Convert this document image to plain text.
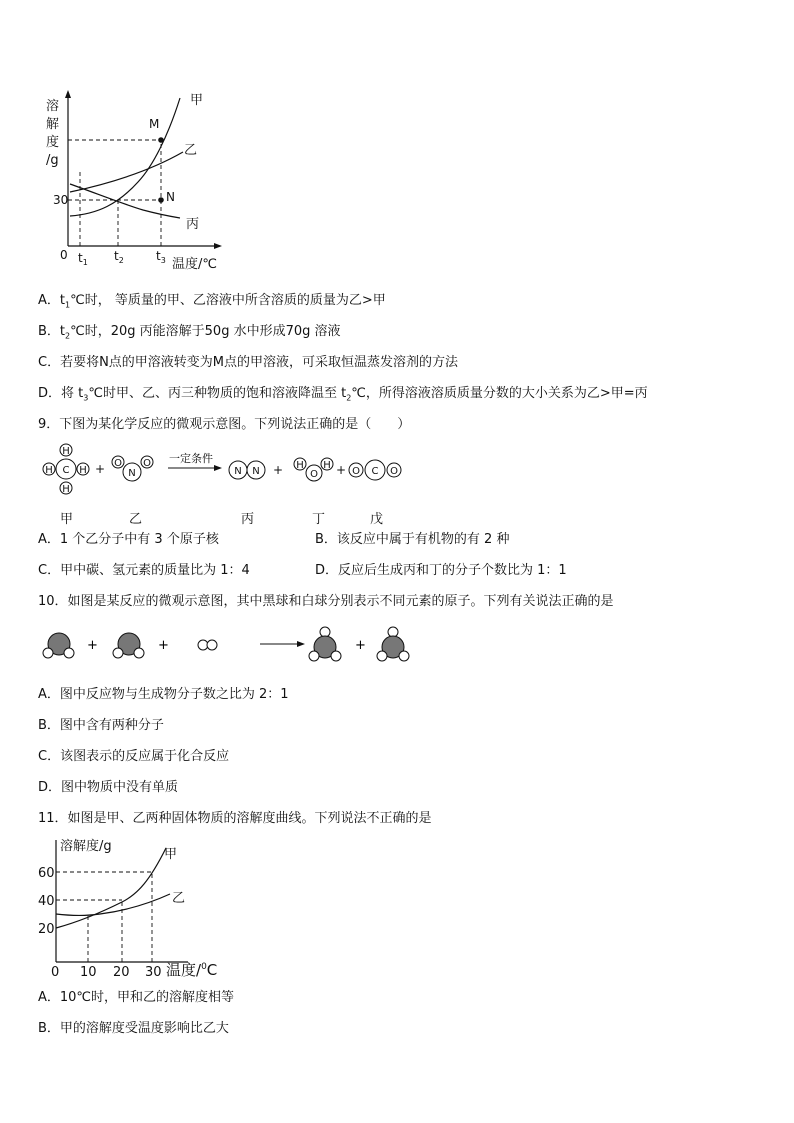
溶
解
度
/g
30
0 $t_1$ $t_2$	$t_3$ 温度/℃
甲
乙
丙
M
N
A．$t_1℃$时， 等质量的甲、乙溶液中所含溶质的质量为乙>甲
B．$t_2℃$时，20g 丙能溶解于50g 水中形成70g 溶液
C．若要将N点的甲溶液转变为M点的甲溶液，可采取恒温蒸发溶剂的方法
D．将 $t_3℃$时甲、乙、丙三种物质的饱和溶液降温至 $t_2℃$，所得溶液溶质质量分数的大小关系为乙>甲=丙
9．下图为某化学反应的微观示意图。下列说法正确的是（　　）
H
H C H
H
+ O
N
O 一定条件
N N + H
O
H + O C O
甲	乙	丙	丁	戊
A．1 个乙分子中有 3 个原子核	B．该反应中属于有机物的有 2 种
C．甲中碳、氢元素的质量比为 1：4	D．反应后生成丙和丁的分子个数比为 1：1
10．如图是某反应的微观示意图，其中黑球和白球分别表示不同元素的原子。下列有关说法正确的是
+	+	+
A．图中反应物与生成物分子数之比为 2：1
B．图中含有两种分子
C．该图表示的反应属于化合反应
D．图中物质中没有单质
11．如图是甲、乙两种固体物质的溶解度曲线。下列说法不正确的是
溶解度/g
60
40
20
0 10 20 30 温度/$^0$C
甲
乙
A．10℃时，甲和乙的溶解度相等
B．甲的溶解度受温度影响比乙大
